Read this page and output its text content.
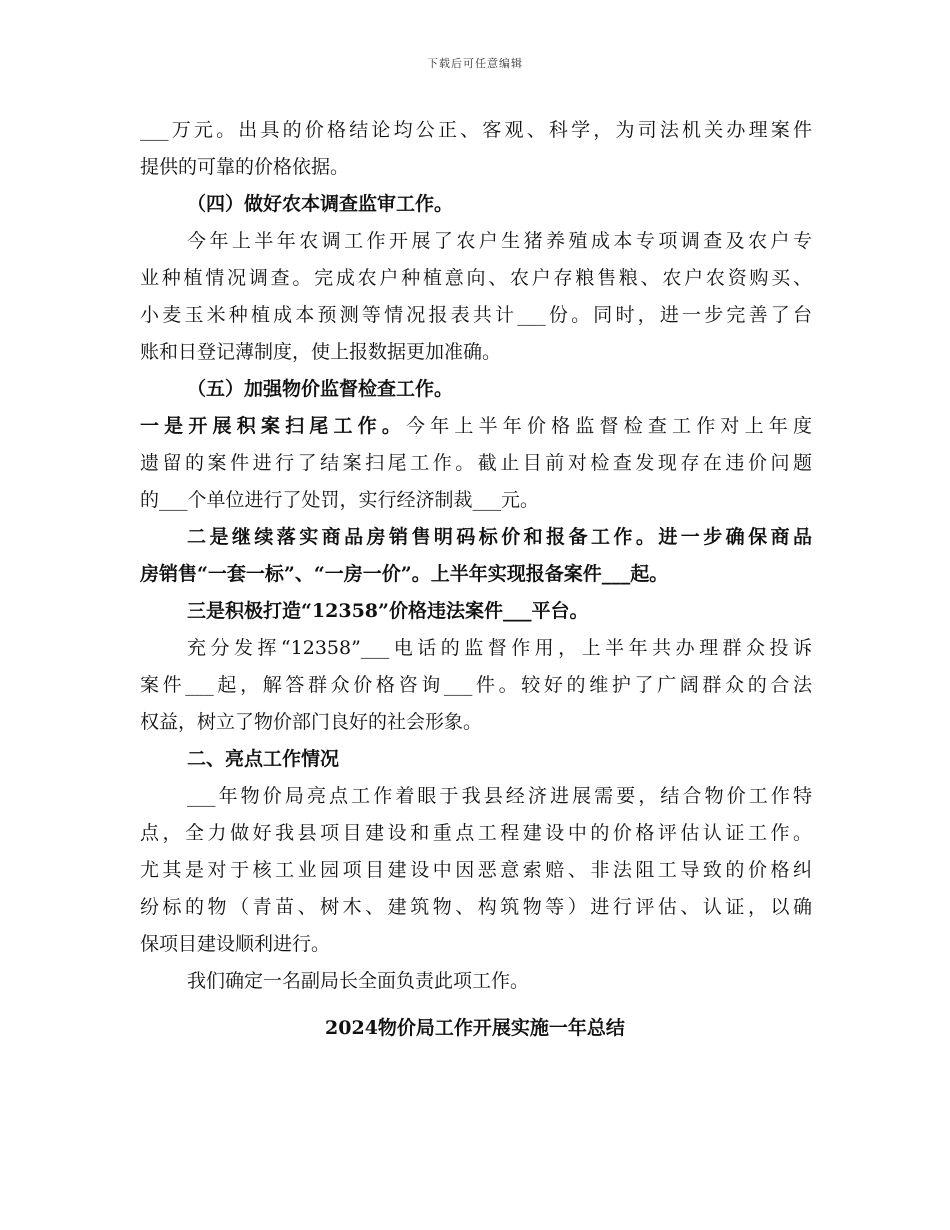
下载后可任意编辑
___万元。出具的价格结论均公正、客观、科学，为司法机关办理案件
提供的可靠的价格依据。
（四）做好农本调查监审工作。
今年上半年农调工作开展了农户生猪养殖成本专项调查及农户专
业种植情况调查。完成农户种植意向、农户存粮售粮、农户农资购买、
小麦玉米种植成本预测等情况报表共计___份。同时，进一步完善了台
账和日登记薄制度，使上报数据更加准确。
（五）加强物价监督检查工作。
一是开展积案扫尾工作。今年上半年价格监督检查工作对上年度
遗留的案件进行了结案扫尾工作。截止目前对检查发现存在违价问题
的___个单位进行了处罚，实行经济制裁___元。
二是继续落实商品房销售明码标价和报备工作。进一步确保商品
房销售“一套一标”、“一房一价”。上半年实现报备案件___起。
三是积极打造“12358”价格违法案件___平台。
充分发挥“12358”___电话的监督作用，上半年共办理群众投诉
案件___起，解答群众价格咨询___件。较好的维护了广阔群众的合法
权益，树立了物价部门良好的社会形象。
二、亮点工作情况
___年物价局亮点工作着眼于我县经济进展需要，结合物价工作特
点，全力做好我县项目建设和重点工程建设中的价格评估认证工作。
尤其是对于核工业园项目建设中因恶意索赔、非法阻工导致的价格纠
纷标的物（青苗、树木、建筑物、构筑物等）进行评估、认证，以确
保项目建设顺利进行。
我们确定一名副局长全面负责此项工作。
2024物价局工作开展实施一年总结
